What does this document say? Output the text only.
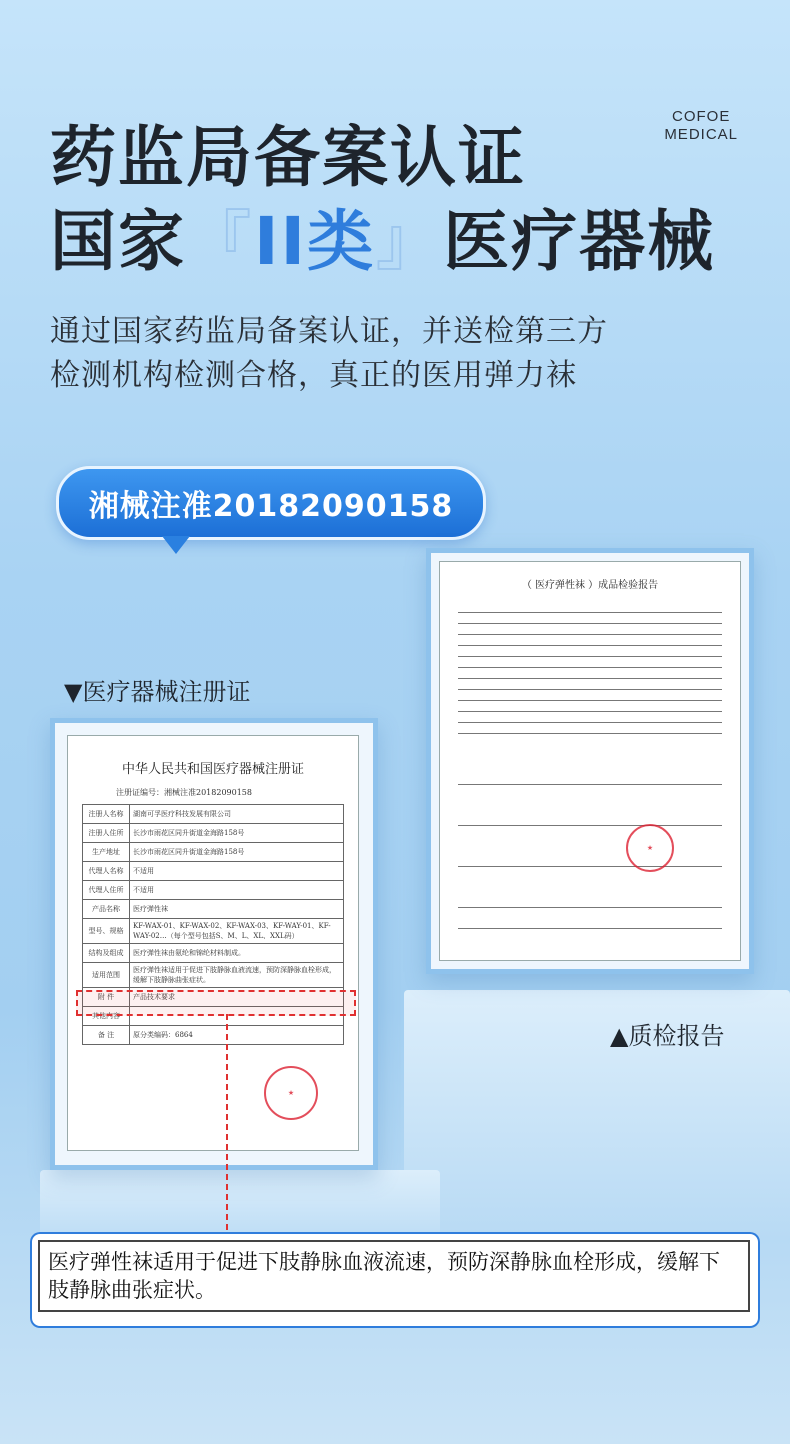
COFOE
MEDICAL
药监局备案认证
国家『II类』医疗器械
通过国家药监局备案认证，并送检第三方
检测机构检测合格，真正的医用弹力袜
湘械注准20182090158
▼医疗器械注册证
（ 医疗弹性袜 ）成品检验报告
★
中华人民共和国医疗器械注册证
注册证编号：湘械注准20182090158
注册人名称	湖南可孚医疗科技发展有限公司
注册人住所	长沙市雨花区同升街道金海路158号
生产地址	长沙市雨花区同升街道金海路158号
代理人名称	不适用
代理人住所	不适用
产品名称	医疗弹性袜
型号、规格	KF-WAX-01、KF-WAX-02、KF-WAX-03、KF-WAY-01、KF-WAY-02…（每个型号包括S、M、L、XL、XXL码）
结构及组成	医疗弹性袜由氨纶和锦纶材料制成。
适用范围	医疗弹性袜适用于促进下肢静脉血液流速，预防深静脉血栓形成，缓解下肢静脉曲张症状。
附 件	产品技术要求
其他内容	
备 注	原分类编码：6864
★
▲质检报告
医疗弹性袜适用于促进下肢静脉血液流速，预防深静脉血栓形成，缓解下肢静脉曲张症状。
